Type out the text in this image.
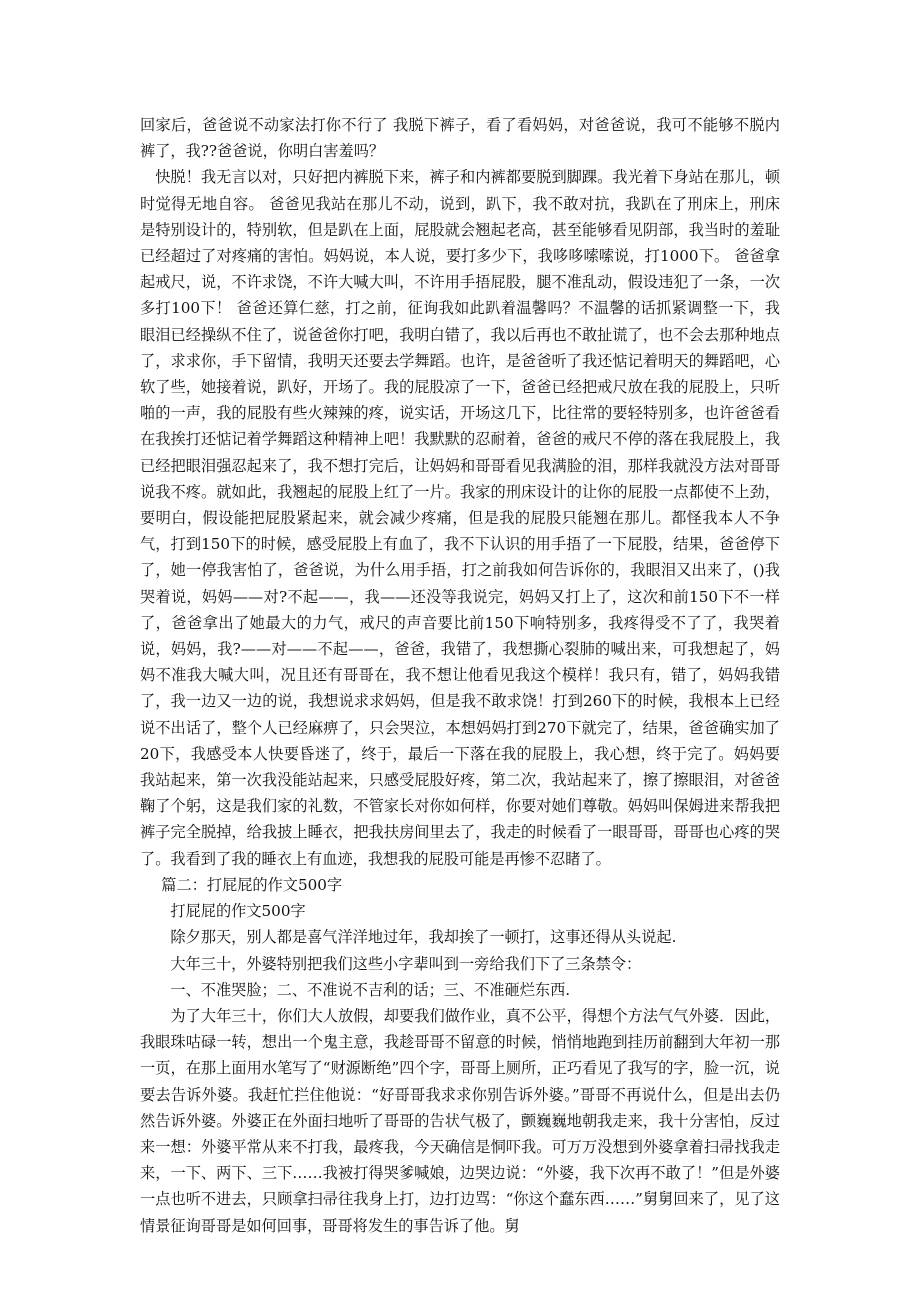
回家后，爸爸说不动家法打你不行了 我脱下裤子，看了看妈妈，对爸爸说，我可不能够不脱内裤了，我??爸爸说，你明白害羞吗？

快脱！我无言以对，只好把内裤脱下来，裤子和内裤都要脱到脚踝。我光着下身站在那儿，顿时觉得无地自容。 爸爸见我站在那儿不动，说到，趴下，我不敢对抗，我趴在了刑床上，刑床是特别设计的，特别软，但是趴在上面，屁股就会翘起老高，甚至能够看见阴部，我当时的羞耻已经超过了对疼痛的害怕。妈妈说，本人说，要打多少下，我哆哆嗦嗦说，打1000下。 爸爸拿起戒尺，说，不许求饶，不许大喊大叫，不许用手捂屁股，腿不准乱动，假设违犯了一条，一次多打100下！ 爸爸还算仁慈，打之前，征询我如此趴着温馨吗？不温馨的话抓紧调整一下，我眼泪已经操纵不住了，说爸爸你打吧，我明白错了，我以后再也不敢扯谎了，也不会去那种地点了，求求你，手下留情，我明天还要去学舞蹈。也许，是爸爸听了我还惦记着明天的舞蹈吧，心软了些，她接着说，趴好，开场了。我的屁股凉了一下，爸爸已经把戒尺放在我的屁股上，只听啪的一声，我的屁股有些火辣辣的疼，说实话，开场这几下，比往常的要轻特别多，也许爸爸看在我挨打还惦记着学舞蹈这种精神上吧！我默默的忍耐着，爸爸的戒尺不停的落在我屁股上，我已经把眼泪强忍起来了，我不想打完后，让妈妈和哥哥看见我满脸的泪，那样我就没方法对哥哥说我不疼。就如此，我翘起的屁股上红了一片。我家的刑床设计的让你的屁股一点都使不上劲，要明白，假设能把屁股紧起来，就会减少疼痛，但是我的屁股只能翘在那儿。都怪我本人不争气，打到150下的时候，感受屁股上有血了，我不下认识的用手捂了一下屁股，结果，爸爸停下了，她一停我害怕了，爸爸说，为什么用手捂，打之前我如何告诉你的，我眼泪又出来了，()我哭着说，妈妈——对?不起——，我——还没等我说完，妈妈又打上了，这次和前150下不一样了，爸爸拿出了她最大的力气，戒尺的声音要比前150下响特别多，我疼得受不了了，我哭着说，妈妈，我?——对——不起——，爸爸，我错了，我想撕心裂肺的喊出来，可我想起了，妈妈不准我大喊大叫，况且还有哥哥在，我不想让他看见我这个模样！我只有，错了，妈妈我错了，我一边又一边的说，我想说求求妈妈，但是我不敢求饶！打到260下的时候，我根本上已经说不出话了，整个人已经麻痹了，只会哭泣，本想妈妈打到270下就完了，结果，爸爸确实加了20下，我感受本人快要昏迷了，终于，最后一下落在我的屁股上，我心想，终于完了。妈妈要我站起来，第一次我没能站起来，只感受屁股好疼，第二次，我站起来了，擦了擦眼泪，对爸爸鞠了个躬，这是我们家的礼数，不管家长对你如何样，你要对她们尊敬。妈妈叫保姆进来帮我把裤子完全脱掉，给我披上睡衣，把我扶房间里去了，我走的时候看了一眼哥哥，哥哥也心疼的哭了。我看到了我的睡衣上有血迹，我想我的屁股可能是再惨不忍睹了。

篇二：打屁屁的作文500字

打屁屁的作文500字

除夕那天，别人都是喜气洋洋地过年，我却挨了一顿打，这事还得从头说起.

大年三十，外婆特别把我们这些小字辈叫到一旁给我们下了三条禁令：

一、不准哭脸；二、不准说不吉利的话；三、不准砸烂东西.

为了大年三十，你们大人放假，却要我们做作业，真不公平，得想个方法气气外婆．因此，我眼珠咕碌一转，想出一个鬼主意，我趁哥哥不留意的时候，悄悄地跑到挂历前翻到大年初一那一页，在那上面用水笔写了“财源断绝”四个字，哥哥上厕所，正巧看见了我写的字，脸一沉，说要去告诉外婆。我赶忙拦住他说：“好哥哥我求求你别告诉外婆。”哥哥不再说什么，但是出去仍然告诉外婆。外婆正在外面扫地听了哥哥的告状气极了，颤巍巍地朝我走来，我十分害怕，反过来一想：外婆平常从来不打我，最疼我，今天确信是恫吓我。可万万没想到外婆拿着扫帚找我走来，一下、两下、三下……我被打得哭爹喊娘，边哭边说：“外婆，我下次再不敢了！”但是外婆一点也听不进去，只顾拿扫帚往我身上打，边打边骂：“你这个蠢东西……”舅舅回来了，见了这情景征询哥哥是如何回事，哥哥将发生的事告诉了他。舅
